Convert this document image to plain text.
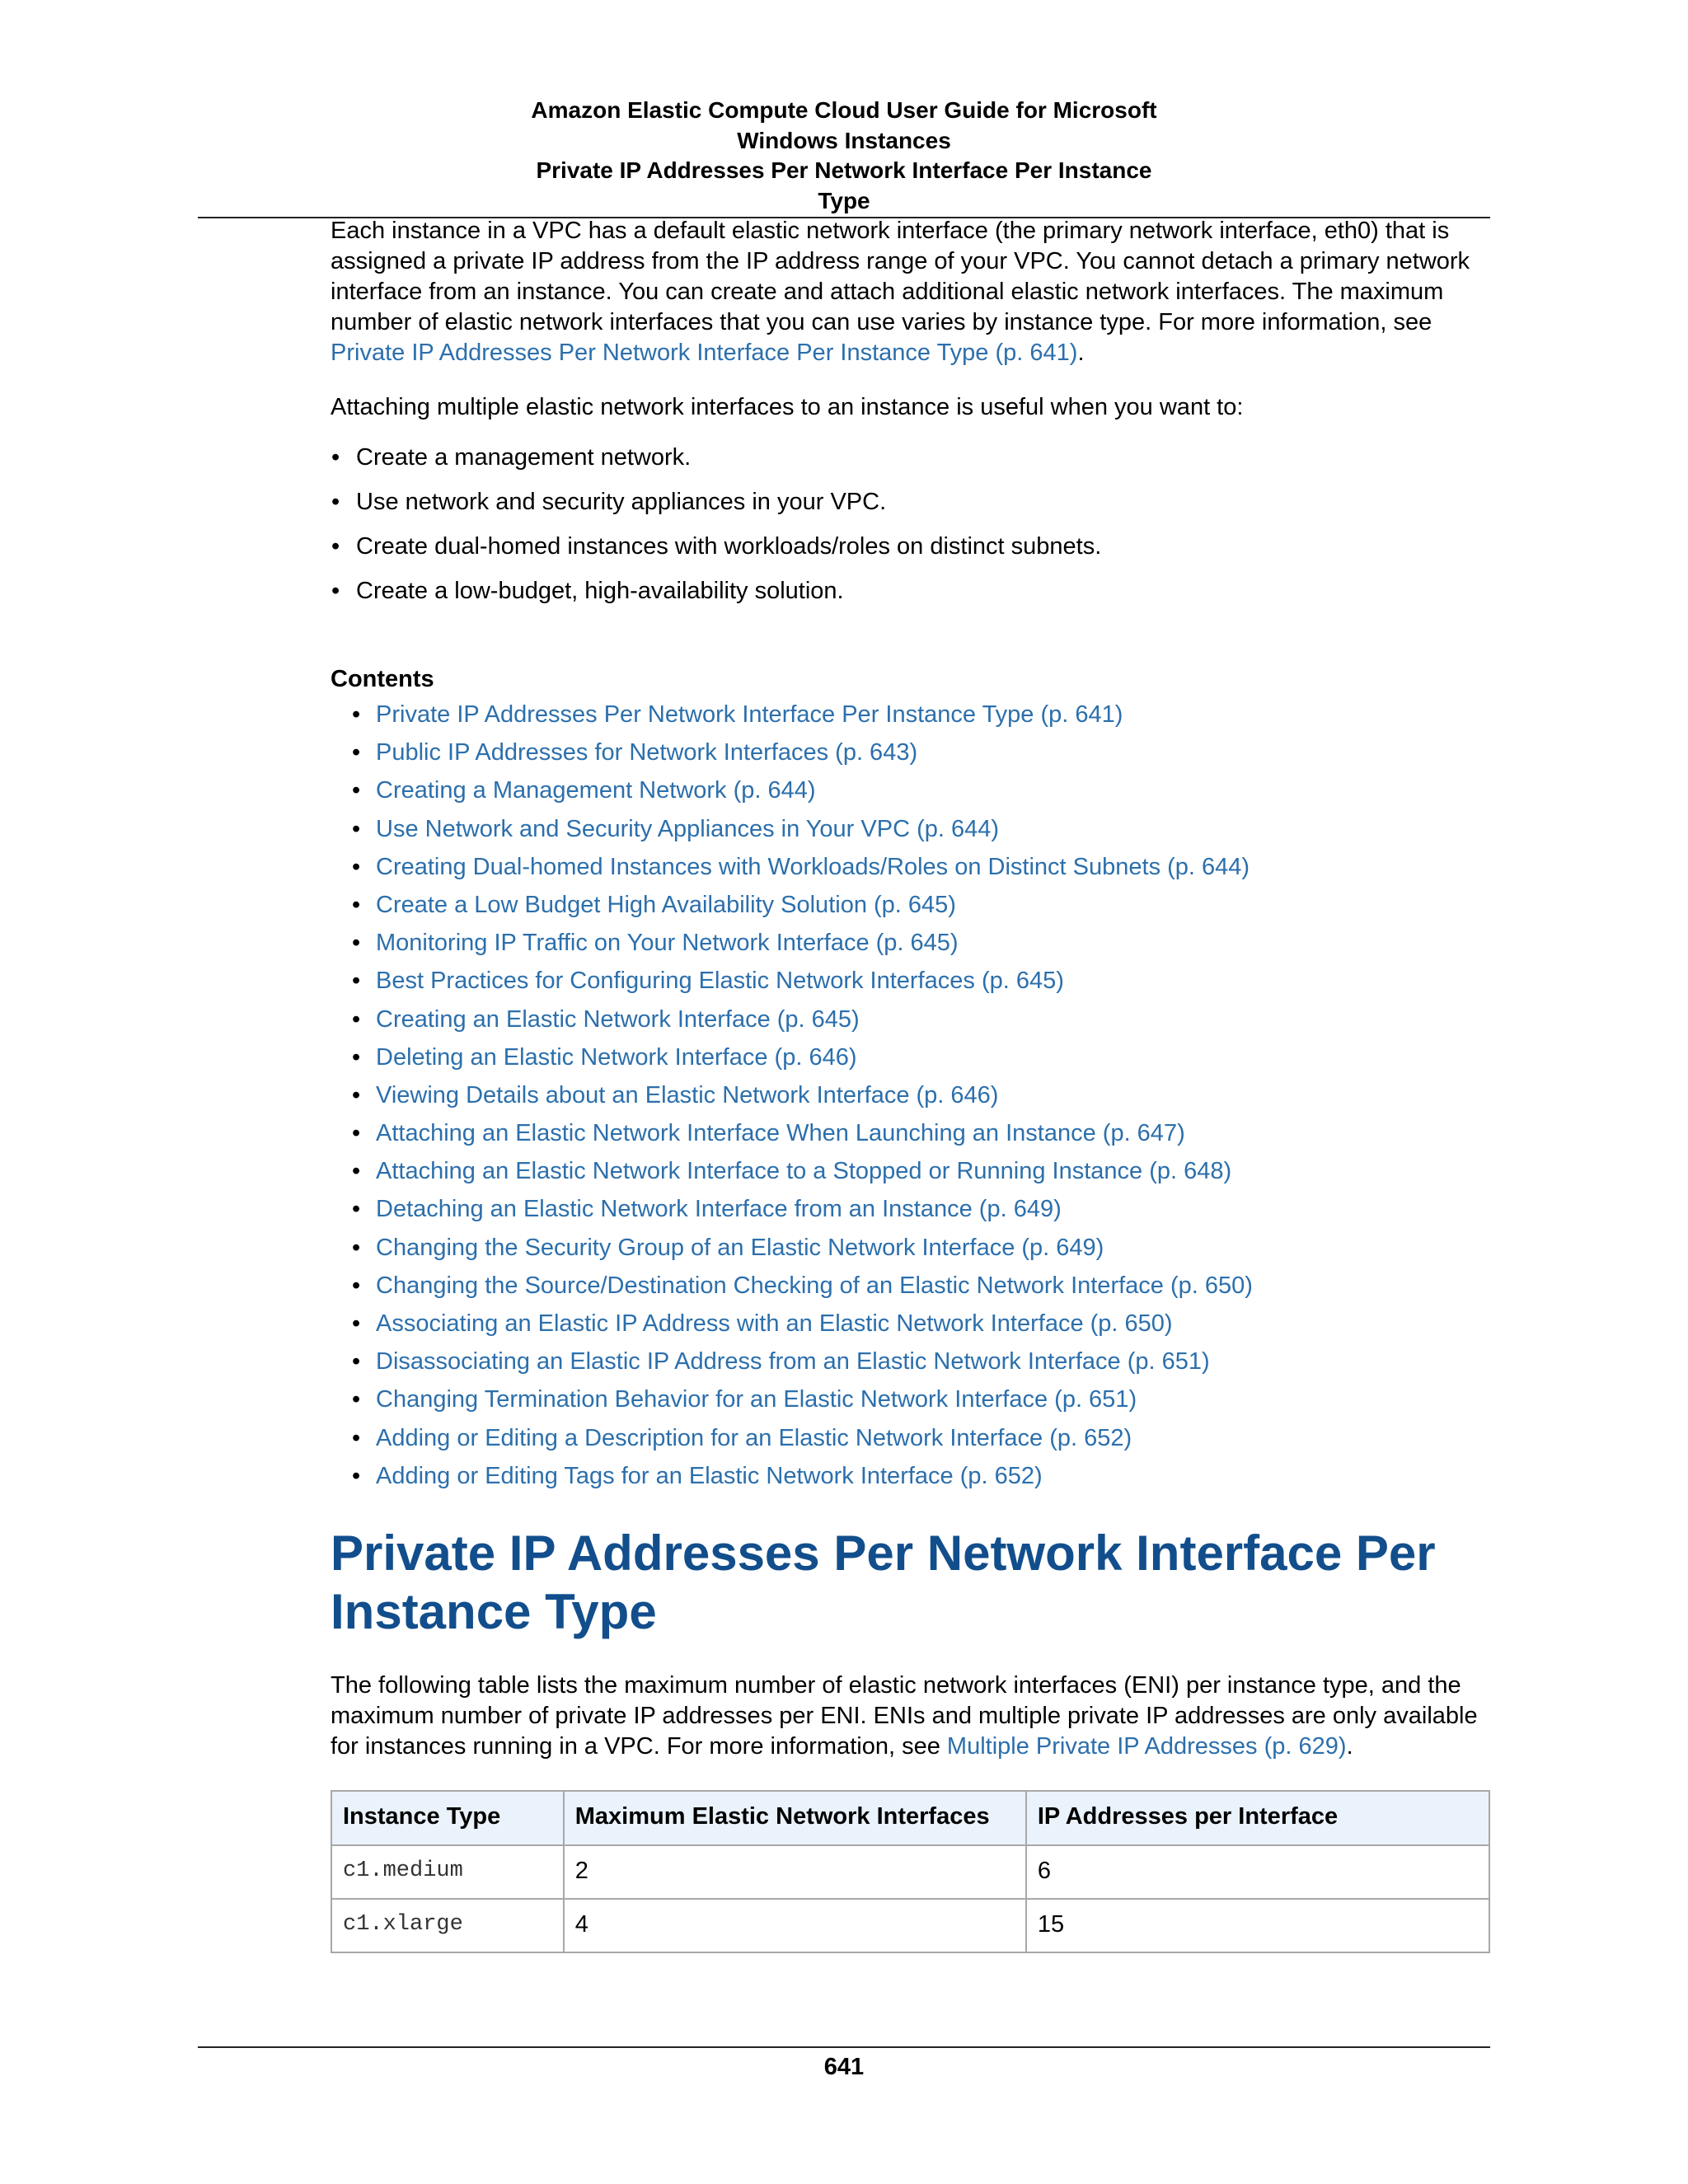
Amazon Elastic Compute Cloud User Guide for Microsoft
Windows Instances
Private IP Addresses Per Network Interface Per Instance
Type

Each instance in a VPC has a default elastic network interface (the primary network interface, eth0) that is assigned a private IP address from the IP address range of your VPC. You cannot detach a primary network interface from an instance. You can create and attach additional elastic network interfaces. The maximum number of elastic network interfaces that you can use varies by instance type. For more information, see Private IP Addresses Per Network Interface Per Instance Type (p. 641).

Attaching multiple elastic network interfaces to an instance is useful when you want to:

• Create a management network.
• Use network and security appliances in your VPC.
• Create dual-homed instances with workloads/roles on distinct subnets.
• Create a low-budget, high-availability solution.

Contents

• Private IP Addresses Per Network Interface Per Instance Type (p. 641)
• Public IP Addresses for Network Interfaces (p. 643)
• Creating a Management Network (p. 644)
• Use Network and Security Appliances in Your VPC (p. 644)
• Creating Dual-homed Instances with Workloads/Roles on Distinct Subnets (p. 644)
• Create a Low Budget High Availability Solution (p. 645)
• Monitoring IP Traffic on Your Network Interface (p. 645)
• Best Practices for Configuring Elastic Network Interfaces (p. 645)
• Creating an Elastic Network Interface (p. 645)
• Deleting an Elastic Network Interface (p. 646)
• Viewing Details about an Elastic Network Interface (p. 646)
• Attaching an Elastic Network Interface When Launching an Instance (p. 647)
• Attaching an Elastic Network Interface to a Stopped or Running Instance (p. 648)
• Detaching an Elastic Network Interface from an Instance (p. 649)
• Changing the Security Group of an Elastic Network Interface (p. 649)
• Changing the Source/Destination Checking of an Elastic Network Interface (p. 650)
• Associating an Elastic IP Address with an Elastic Network Interface (p. 650)
• Disassociating an Elastic IP Address from an Elastic Network Interface (p. 651)
• Changing Termination Behavior for an Elastic Network Interface (p. 651)
• Adding or Editing a Description for an Elastic Network Interface (p. 652)
• Adding or Editing Tags for an Elastic Network Interface (p. 652)
Private IP Addresses Per Network Interface Per Instance Type

The following table lists the maximum number of elastic network interfaces (ENI) per instance type, and the maximum number of private IP addresses per ENI. ENIs and multiple private IP addresses are only available for instances running in a VPC. For more information, see Multiple Private IP Addresses (p. 629).

Instance Type	Maximum Elastic Network Interfaces	IP Addresses per Interface
c1.medium	2	6
c1.xlarge	4	15
641
